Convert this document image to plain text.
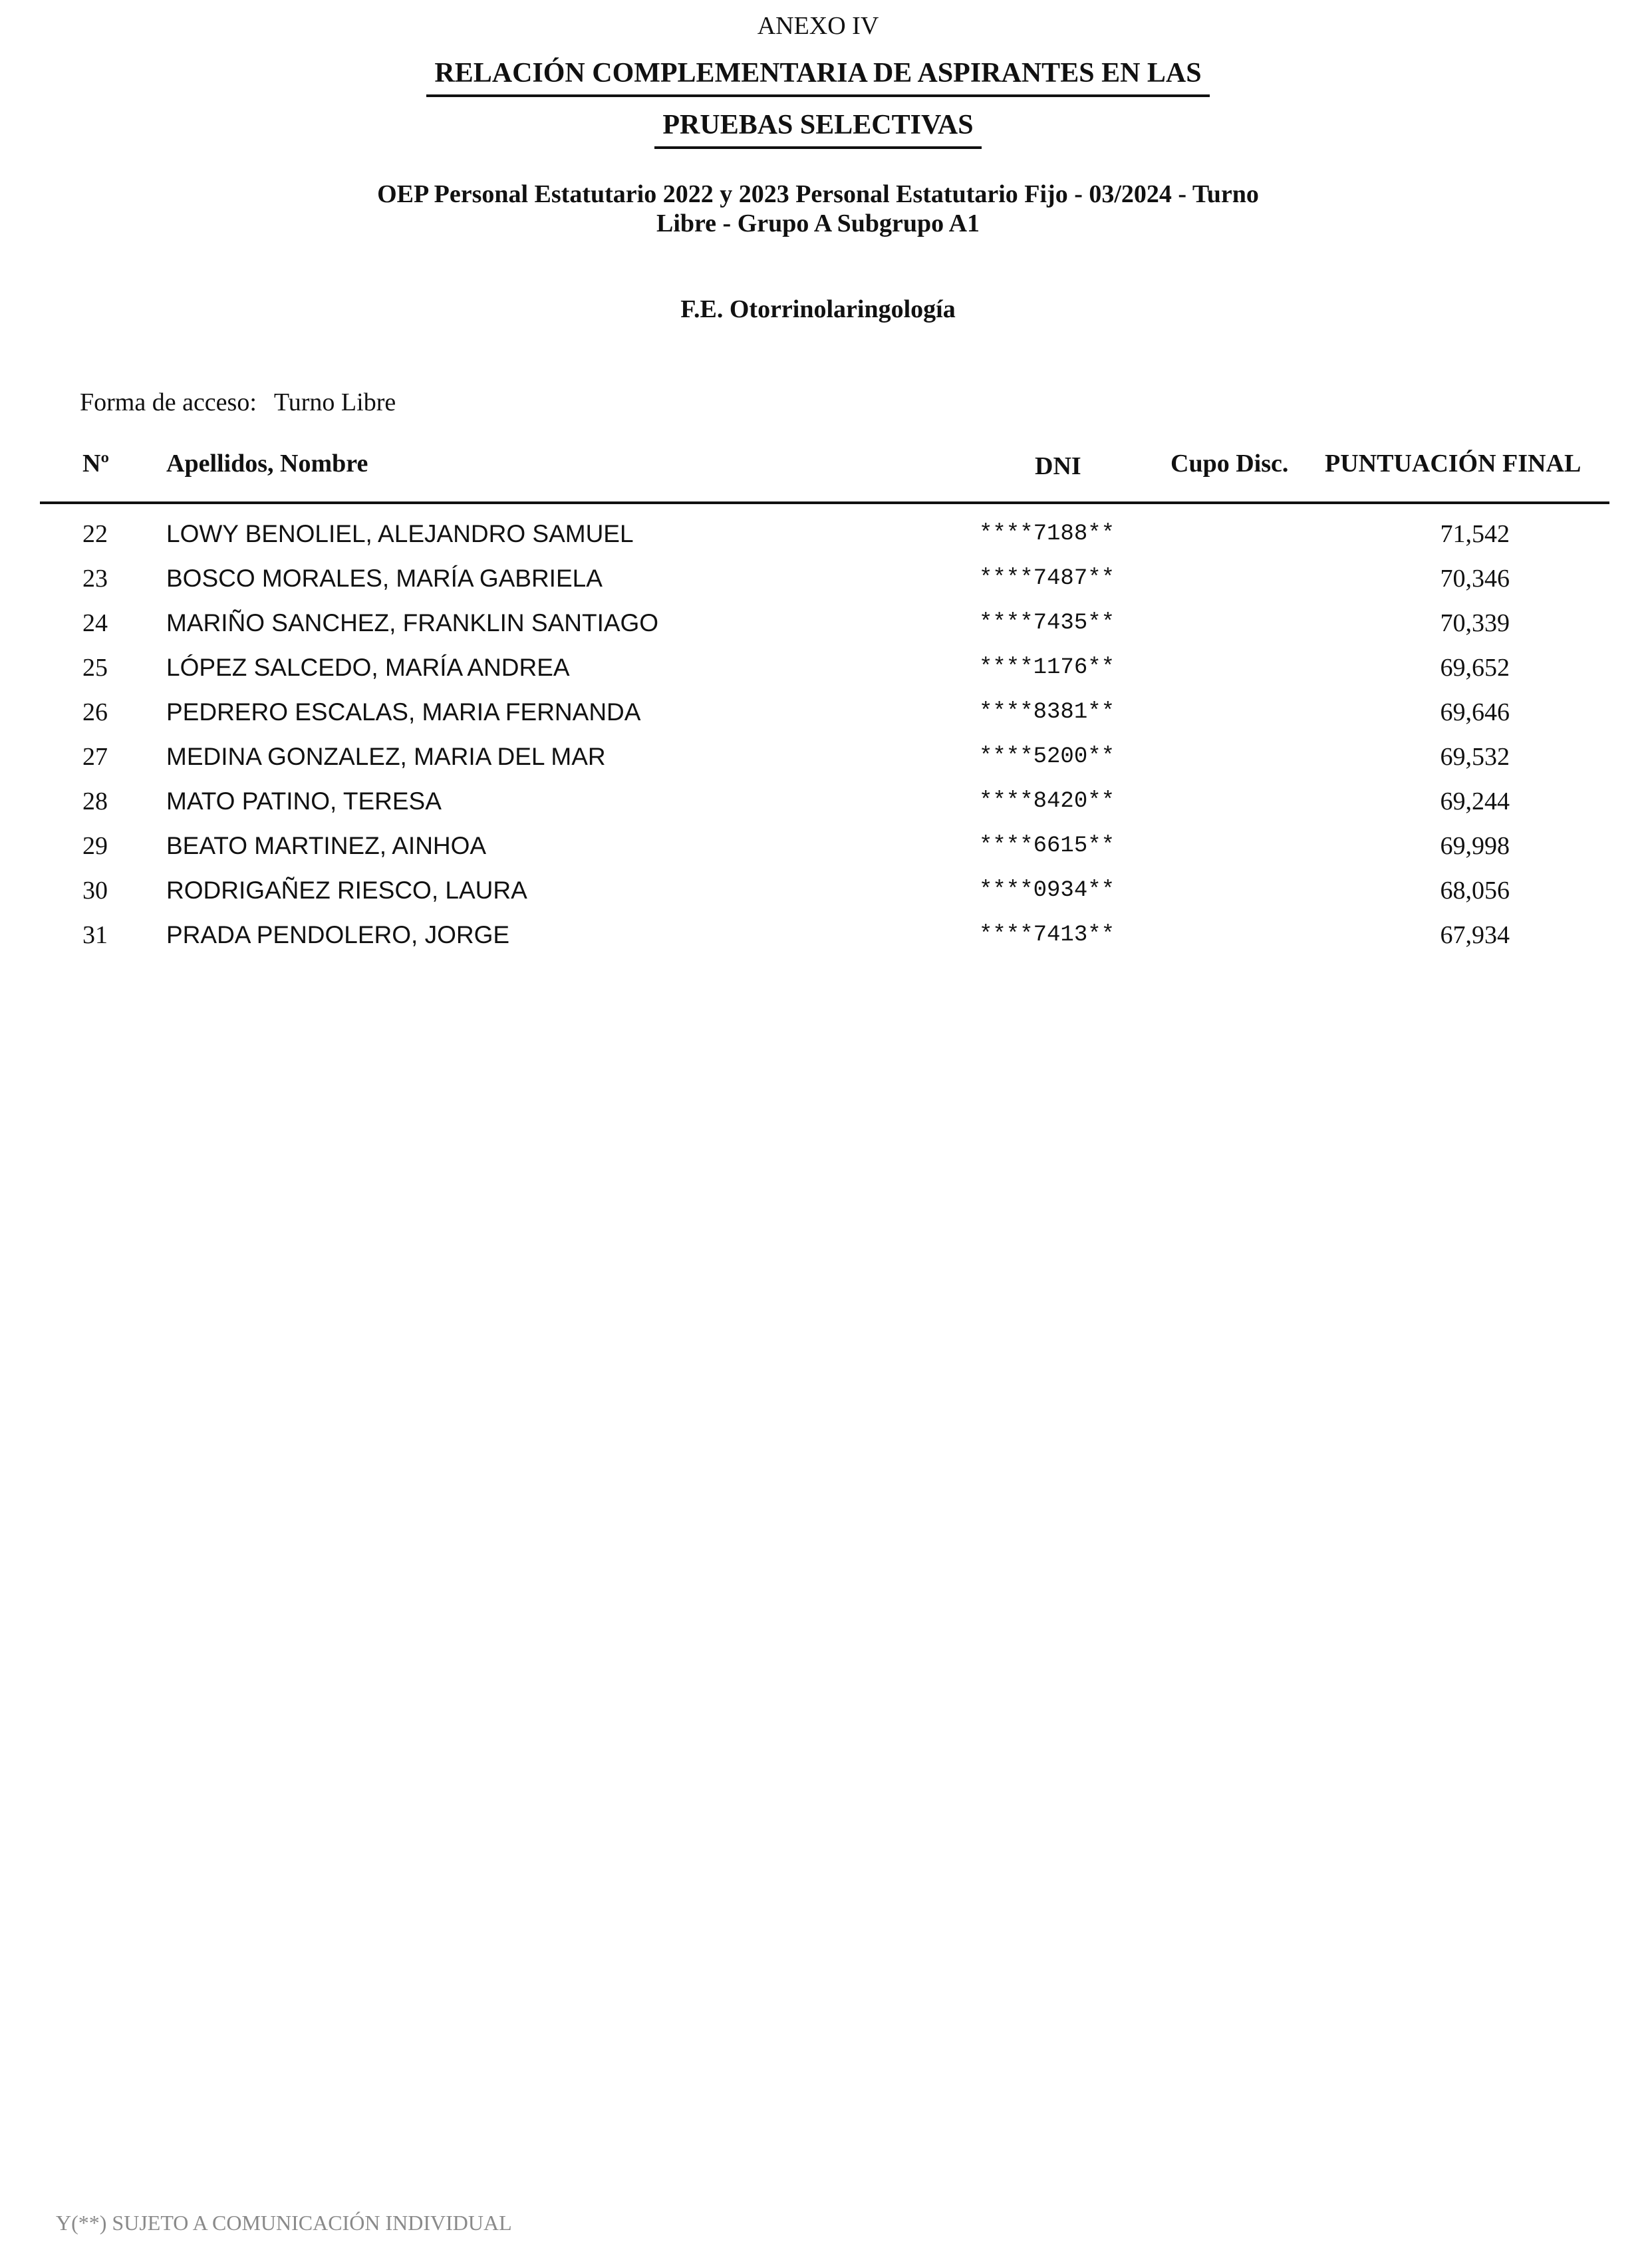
ANEXO IV
RELACIÓN COMPLEMENTARIA DE ASPIRANTES EN LAS
PRUEBAS SELECTIVAS
OEP Personal Estatutario 2022 y 2023 Personal Estatutario Fijo - 03/2024 - Turno
Libre - Grupo A Subgrupo A1
F.E. Otorrinolaringología
Forma de acceso: Turno Libre
Nº Apellidos, Nombre	DNI	Cupo Disc. PUNTUACIÓN FINAL
22 LOWY BENOLIEL, ALEJANDRO SAMUEL	****7188**	71,542
23 BOSCO MORALES, MARÍA GABRIELA	****7487**	70,346
24 MARIÑO SANCHEZ, FRANKLIN SANTIAGO	****7435**	70,339
25 LÓPEZ SALCEDO, MARÍA ANDREA	****1176**	69,652
26 PEDRERO ESCALAS, MARIA FERNANDA	****8381**	69,646
27 MEDINA GONZALEZ, MARIA DEL MAR	****5200**	69,532
28 MATO PATINO, TERESA	****8420**	69,244
29 BEATO MARTINEZ, AINHOA	****6615**	69,998
30 RODRIGAÑEZ RIESCO, LAURA	****0934**	68,056
31 PRADA PENDOLERO, JORGE	****7413**	67,934
Y(**) SUJETO A COMUNICACIÓN INDIVIDUAL
